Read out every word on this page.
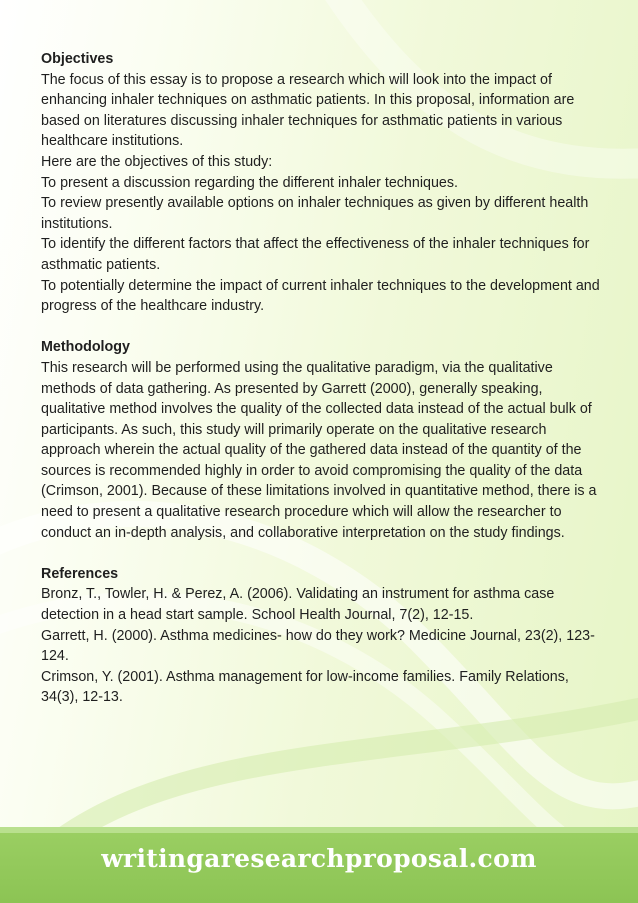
Objectives
The focus of this essay is to propose a research which will look into the impact of enhancing inhaler techniques on asthmatic patients. In this proposal, information are based on literatures discussing inhaler techniques for asthmatic patients in various healthcare institutions.
Here are the objectives of this study:
To present a discussion regarding the different inhaler techniques.
To review presently available options on inhaler techniques as given by different health institutions.
To identify the different factors that affect the effectiveness of the inhaler techniques for asthmatic patients.
To potentially determine the impact of current inhaler techniques to the development and progress of the healthcare industry.
Methodology
This research will be performed using the qualitative paradigm, via the qualitative methods of data gathering. As presented by Garrett (2000), generally speaking, qualitative method involves the quality of the collected data instead of the actual bulk of participants. As such, this study will primarily operate on the qualitative research approach wherein the actual quality of the gathered data instead of the quantity of the sources is recommended highly in order to avoid compromising the quality of the data (Crimson, 2001). Because of these limitations involved in quantitative method, there is a need to present a qualitative research procedure which will allow the researcher to conduct an in-depth analysis, and collaborative interpretation on the study findings.
References
Bronz, T., Towler, H. & Perez, A. (2006). Validating an instrument for asthma case detection in a head start sample. School Health Journal, 7(2), 12-15.
Garrett, H. (2000). Asthma medicines- how do they work? Medicine Journal, 23(2), 123-124.
Crimson, Y. (2001). Asthma management for low-income families. Family Relations, 34(3), 12-13.
writingaresearchproposal.com
